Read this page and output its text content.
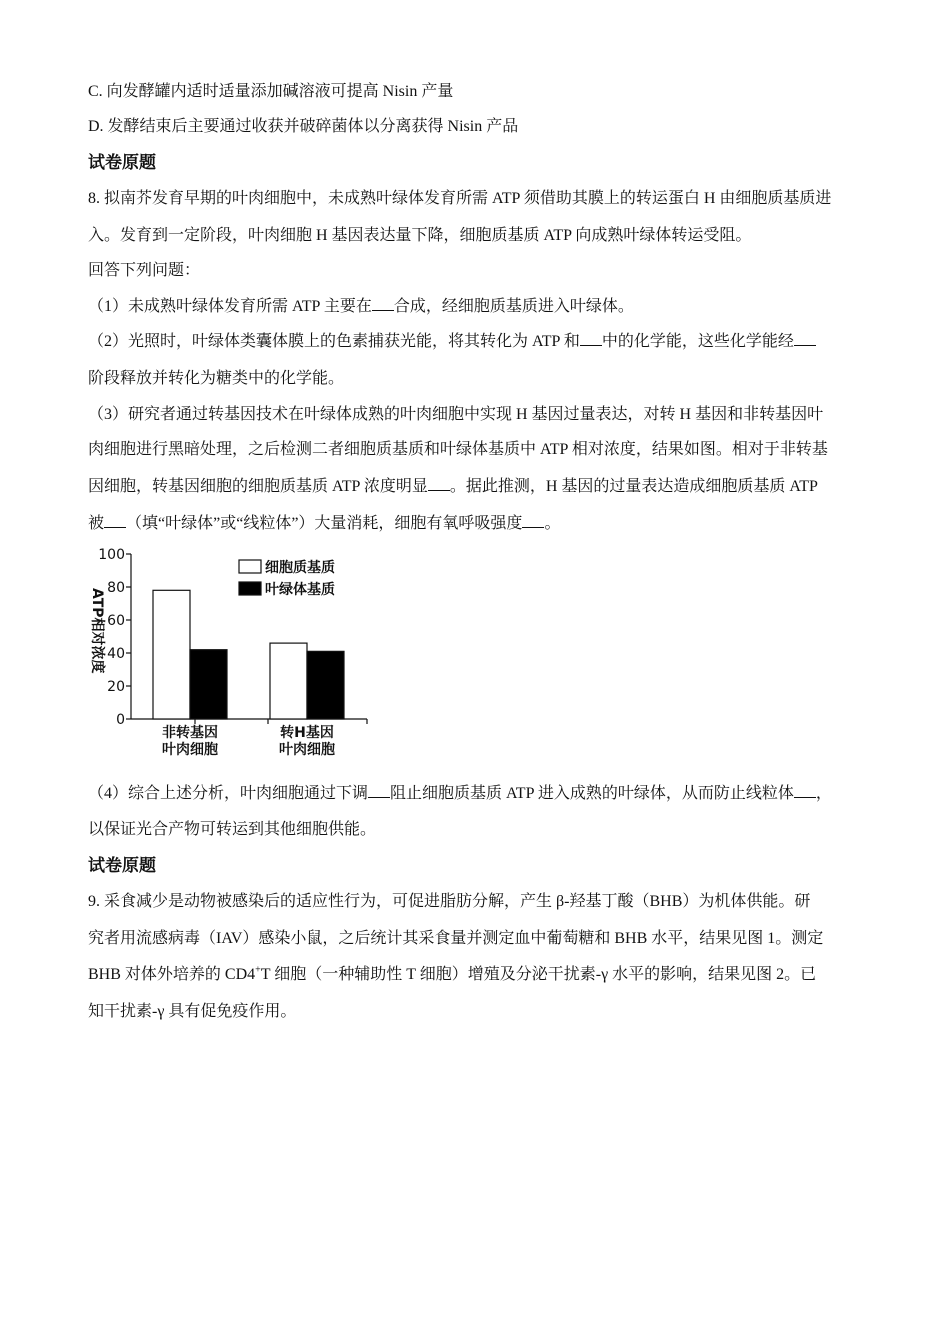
C. 向发酵罐内适时适量添加碱溶液可提高 Nisin 产量
D. 发酵结束后主要通过收获并破碎菌体以分离获得 Nisin 产品
试卷原题
8. 拟南芥发育早期的叶肉细胞中，未成熟叶绿体发育所需 ATP 须借助其膜上的转运蛋白 H 由细胞质基质进
入。发育到一定阶段，叶肉细胞 H 基因表达量下降，细胞质基质 ATP 向成熟叶绿体转运受阻。
回答下列问题：
（1）未成熟叶绿体发育所需 ATP 主要在 合成，经细胞质基质进入叶绿体。
（2）光照时，叶绿体类囊体膜上的色素捕获光能，将其转化为 ATP 和 中的化学能，这些化学能经
阶段释放并转化为糖类中的化学能。
（3）研究者通过转基因技术在叶绿体成熟的叶肉细胞中实现 H 基因过量表达，对转 H 基因和非转基因叶
肉细胞进行黑暗处理，之后检测二者细胞质基质和叶绿体基质中 ATP 相对浓度，结果如图。相对于非转基
因细胞，转基因细胞的细胞质基质 ATP 浓度明显 。据此推测，H 基因的过量表达造成细胞质基质 ATP
被 （填“叶绿体”或“线粒体”）大量消耗，细胞有氧呼吸强度 。
0
20
40
60
80
100
ATP相对浓度
非转基因
叶肉细胞
转H基因
叶肉细胞
细胞质基质
叶绿体基质
（4）综合上述分析，叶肉细胞通过下调 阻止细胞质基质 ATP 进入成熟的叶绿体，从而防止线粒体 ，
以保证光合产物可转运到其他细胞供能。
试卷原题
9. 采食减少是动物被感染后的适应性行为，可促进脂肪分解，产生 β-羟基丁酸（BHB）为机体供能。研
究者用流感病毒（IAV）感染小鼠，之后统计其采食量并测定血中葡萄糖和 BHB 水平，结果见图 1。测定
BHB 对体外培养的 CD4+T 细胞（一种辅助性 T 细胞）增殖及分泌干扰素-γ 水平的影响，结果见图 2。已
知干扰素-γ 具有促免疫作用。
